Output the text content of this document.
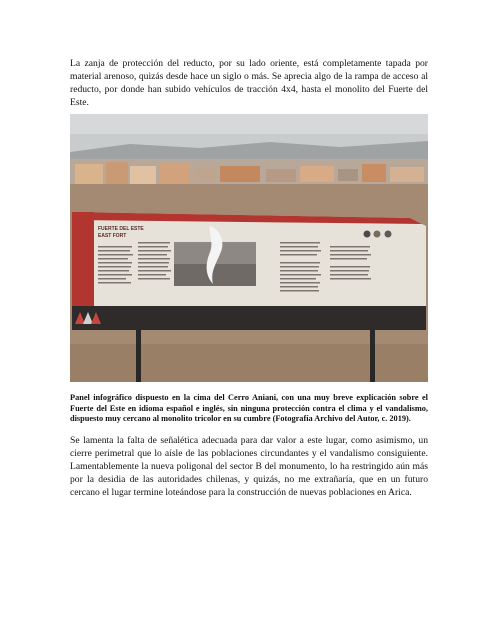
La zanja de protección del reducto, por su lado oriente, está completamente tapada por material arenoso, quizás desde hace un siglo o más. Se aprecia algo de la rampa de acceso al reducto, por donde han subido vehículos de tracción 4x4, hasta el monolito del Fuerte del Este.

FUERTE DEL ESTE
EAST FORT

Panel infográfico dispuesto en la cima del Cerro Aniani, con una muy breve explicación sobre el Fuerte del Este en idioma español e inglés, sin ninguna protección contra el clima y el vandalismo, dispuesto muy cercano al monolito tricolor en su cumbre (Fotografía Archivo del Autor, c. 2019).

Se lamenta la falta de señalética adecuada para dar valor a este lugar, como asimismo, un cierre perimetral que lo aísle de las poblaciones circundantes y el vandalismo consiguiente. Lamentablemente la nueva poligonal del sector B del monumento, lo ha restringido aún más por la desidia de las autoridades chilenas, y quizás, no me extrañaría, que en un futuro cercano el lugar termine loteándose para la construcción de nuevas poblaciones en Arica.
